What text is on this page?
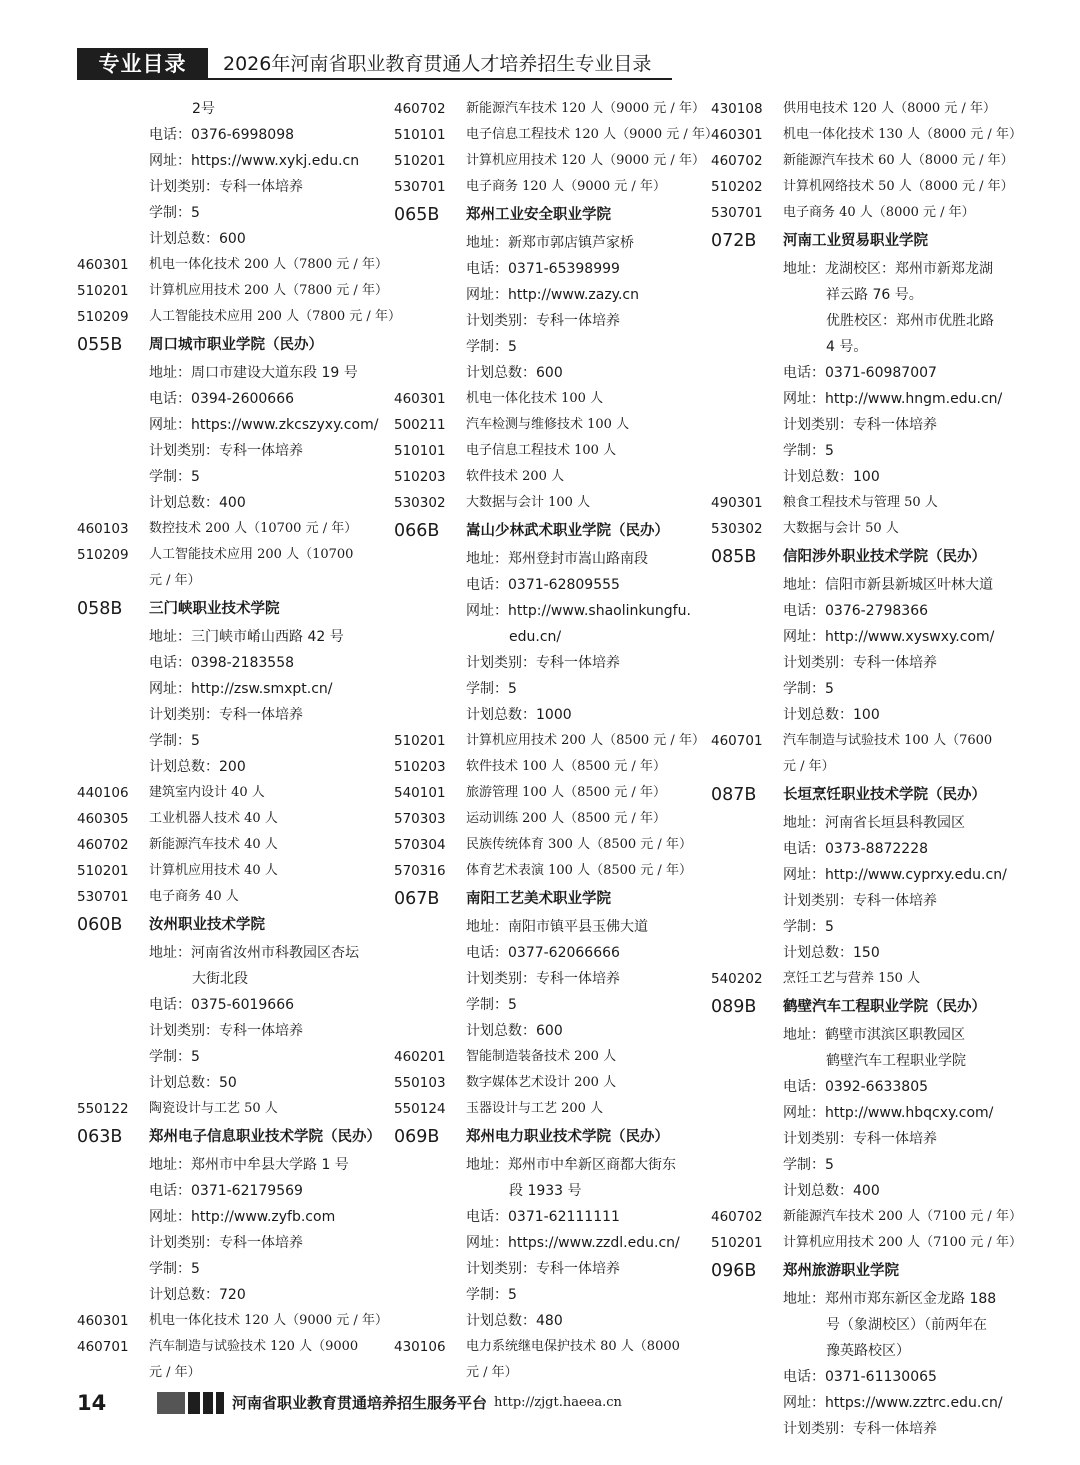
专业目录	2026年河南省职业教育贯通人才培养招生专业目录
2号
电话：0376-6998098
网址：https://www.xykj.edu.cn
计划类别：专科一体培养
学制：5
计划总数：600
460301 机电一体化技术 200 人（7800 元 / 年）
510201 计算机应用技术 200 人（7800 元 / 年）
510209 人工智能技术应用 200 人（7800 元 / 年）
055B 周口城市职业学院（民办）
地址：周口市建设大道东段 19 号
电话：0394-2600666
网址：https://www.zkcszyxy.com/
计划类别：专科一体培养
学制：5
计划总数：400
460103 数控技术 200 人（10700 元 / 年）
510209 人工智能技术应用 200 人（10700
元 / 年）
058B 三门峡职业技术学院
地址：三门峡市崤山西路 42 号
电话：0398-2183558
网址：http://zsw.smxpt.cn/
计划类别：专科一体培养
学制：5
计划总数：200
440106 建筑室内设计 40 人
460305 工业机器人技术 40 人
460702 新能源汽车技术 40 人
510201 计算机应用技术 40 人
530701 电子商务 40 人
060B 汝州职业技术学院
地址：河南省汝州市科教园区杏坛
大街北段
电话：0375-6019666
计划类别：专科一体培养
学制：5
计划总数：50
550122 陶瓷设计与工艺 50 人
063B 郑州电子信息职业技术学院（民办）
地址：郑州市中牟县大学路 1 号
电话：0371-62179569
网址：http://www.zyfb.com
计划类别：专科一体培养
学制：5
计划总数：720
460301 机电一体化技术 120 人（9000 元 / 年）
460701 汽车制造与试验技术 120 人（9000
元 / 年）
460702 新能源汽车技术 120 人（9000 元 / 年）
510101 电子信息工程技术 120 人（9000 元 / 年）
510201 计算机应用技术 120 人（9000 元 / 年）
530701 电子商务 120 人（9000 元 / 年）
065B 郑州工业安全职业学院
地址：新郑市郭店镇芦家桥
电话：0371-65398999
网址：http://www.zazy.cn
计划类别：专科一体培养
学制：5
计划总数：600
460301 机电一体化技术 100 人
500211 汽车检测与维修技术 100 人
510101 电子信息工程技术 100 人
510203 软件技术 200 人
530302 大数据与会计 100 人
066B 嵩山少林武术职业学院（民办）
地址：郑州登封市嵩山路南段
电话：0371-62809555
网址：http://www.shaolinkungfu.
edu.cn/
计划类别：专科一体培养
学制：5
计划总数：1000
510201 计算机应用技术 200 人（8500 元 / 年）
510203 软件技术 100 人（8500 元 / 年）
540101 旅游管理 100 人（8500 元 / 年）
570303 运动训练 200 人（8500 元 / 年）
570304 民族传统体育 300 人（8500 元 / 年）
570316 体育艺术表演 100 人（8500 元 / 年）
067B 南阳工艺美术职业学院
地址：南阳市镇平县玉佛大道
电话：0377-62066666
计划类别：专科一体培养
学制：5
计划总数：600
460201 智能制造装备技术 200 人
550103 数字媒体艺术设计 200 人
550124 玉器设计与工艺 200 人
069B 郑州电力职业技术学院（民办）
地址：郑州市中牟新区商都大街东
段 1933 号
电话：0371-62111111
网址：https://www.zzdl.edu.cn/
计划类别：专科一体培养
学制：5
计划总数：480
430106 电力系统继电保护技术 80 人（8000
元 / 年）
430108 供用电技术 120 人（8000 元 / 年）
460301 机电一体化技术 130 人（8000 元 / 年）
460702 新能源汽车技术 60 人（8000 元 / 年）
510202 计算机网络技术 50 人（8000 元 / 年）
530701 电子商务 40 人（8000 元 / 年）
072B 河南工业贸易职业学院
地址：龙湖校区：郑州市新郑龙湖
祥云路 76 号。
优胜校区：郑州市优胜北路
4 号。
电话：0371-60987007
网址：http://www.hngm.edu.cn/
计划类别：专科一体培养
学制：5
计划总数：100
490301 粮食工程技术与管理 50 人
530302 大数据与会计 50 人
085B 信阳涉外职业技术学院（民办）
地址：信阳市新县新城区叶林大道
电话：0376-2798366
网址：http://www.xyswxy.com/
计划类别：专科一体培养
学制：5
计划总数：100
460701 汽车制造与试验技术 100 人（7600
元 / 年）
087B 长垣烹饪职业技术学院（民办）
地址：河南省长垣县科教园区
电话：0373-8872228
网址：http://www.cyprxy.edu.cn/
计划类别：专科一体培养
学制：5
计划总数：150
540202 烹饪工艺与营养 150 人
089B 鹤壁汽车工程职业学院（民办）
地址：鹤壁市淇滨区职教园区
鹤壁汽车工程职业学院
电话：0392-6633805
网址：http://www.hbqcxy.com/
计划类别：专科一体培养
学制：5
计划总数：400
460702 新能源汽车技术 200 人（7100 元 / 年）
510201 计算机应用技术 200 人（7100 元 / 年）
096B 郑州旅游职业学院
地址：郑州市郑东新区金龙路 188
号（象湖校区）（前两年在
豫英路校区）
电话：0371-61130065
网址：https://www.zztrc.edu.cn/
计划类别：专科一体培养
14	河南省职业教育贯通培养招生服务平台 http://zjgt.haeea.cn
